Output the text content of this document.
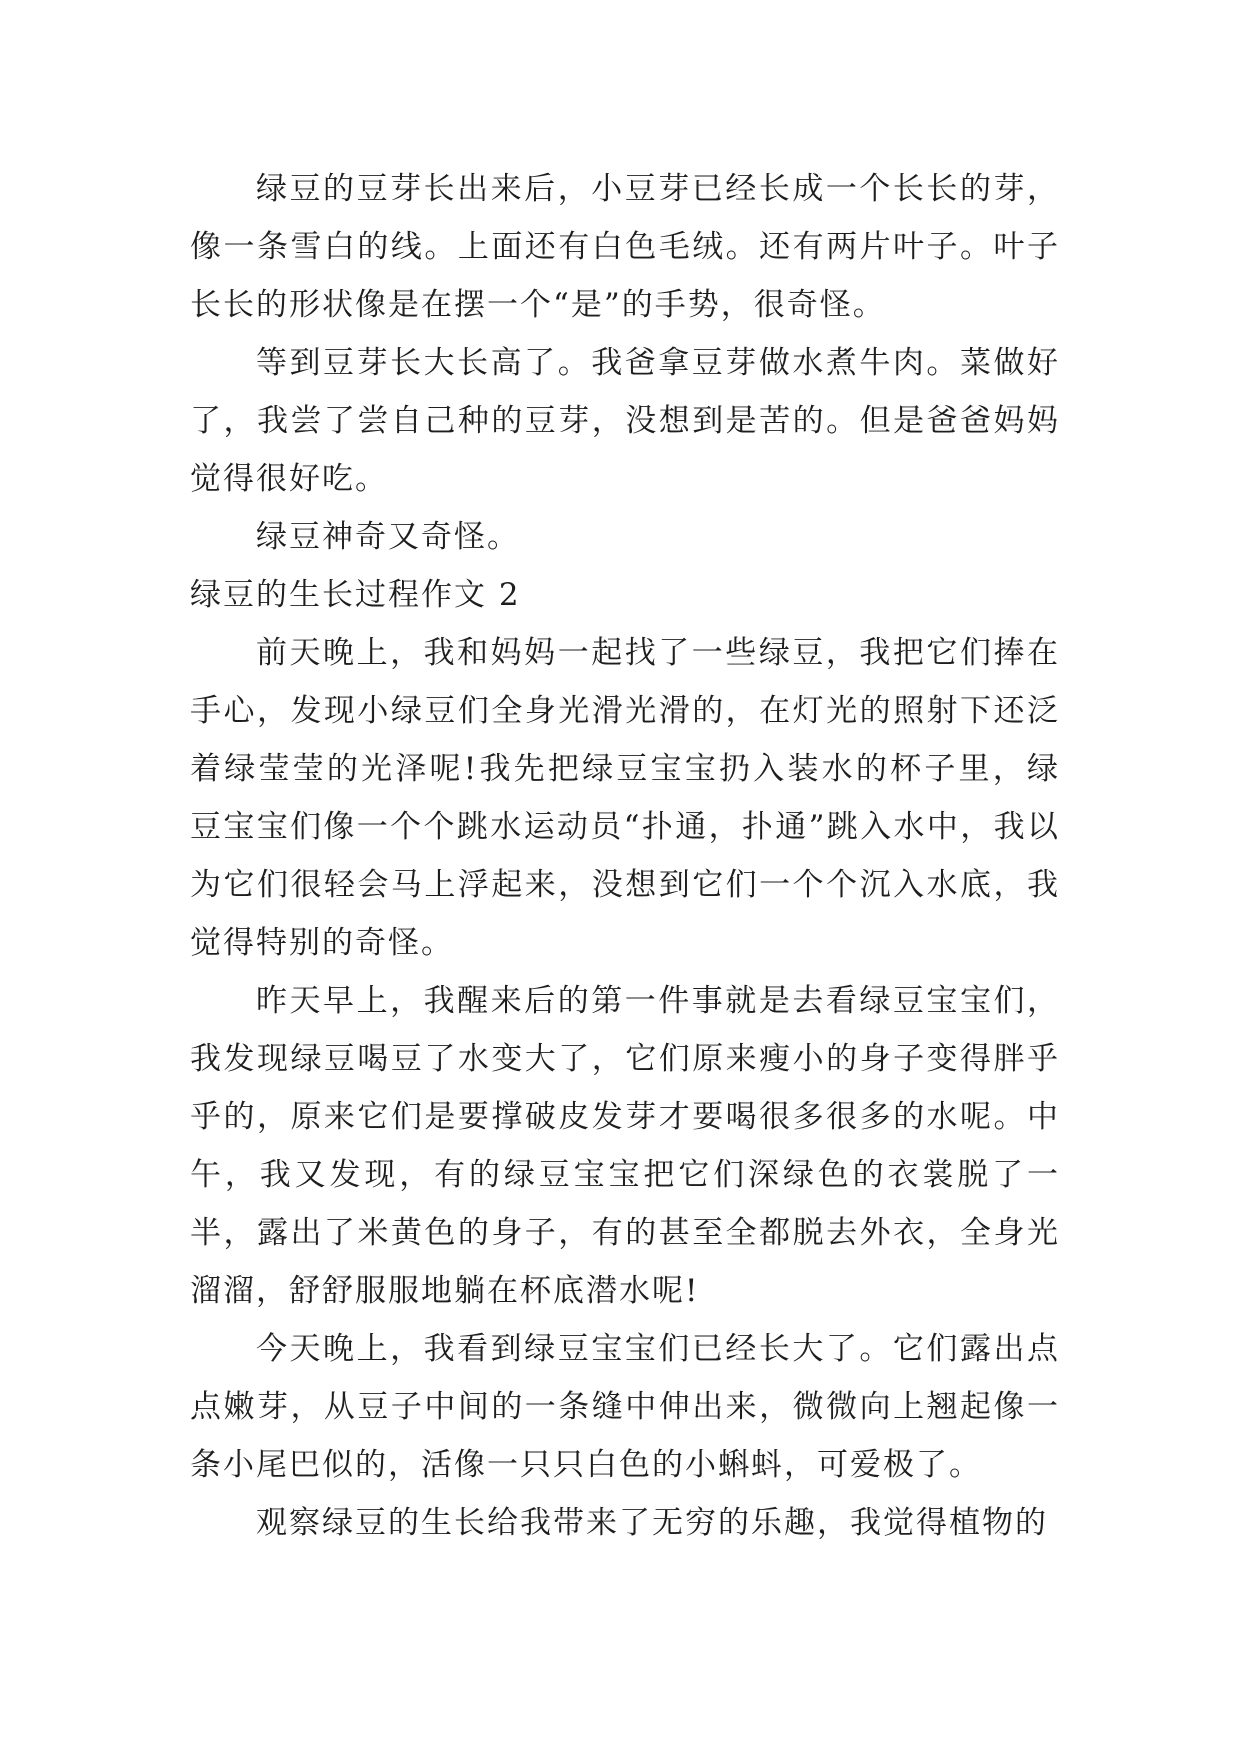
绿豆的豆芽长出来后，小豆芽已经长成一个长长的芽，像一条雪白的线。上面还有白色毛绒。还有两片叶子。叶子长长的形状像是在摆一个“是”的手势，很奇怪。

等到豆芽长大长高了。我爸拿豆芽做水煮牛肉。菜做好了，我尝了尝自己种的豆芽，没想到是苦的。但是爸爸妈妈觉得很好吃。

绿豆神奇又奇怪。

绿豆的生长过程作文 2

前天晚上，我和妈妈一起找了一些绿豆，我把它们捧在手心，发现小绿豆们全身光滑光滑的，在灯光的照射下还泛着绿莹莹的光泽呢!我先把绿豆宝宝扔入装水的杯子里，绿豆宝宝们像一个个跳水运动员“扑通，扑通”跳入水中，我以为它们很轻会马上浮起来，没想到它们一个个沉入水底，我觉得特别的奇怪。

昨天早上，我醒来后的第一件事就是去看绿豆宝宝们，我发现绿豆喝豆了水变大了，它们原来瘦小的身子变得胖乎乎的，原来它们是要撑破皮发芽才要喝很多很多的水呢。中午，我又发现，有的绿豆宝宝把它们深绿色的衣裳脱了一半，露出了米黄色的身子，有的甚至全都脱去外衣，全身光溜溜，舒舒服服地躺在杯底潜水呢!

今天晚上，我看到绿豆宝宝们已经长大了。它们露出点点嫩芽，从豆子中间的一条缝中伸出来，微微向上翘起像一条小尾巴似的，活像一只只白色的小蝌蚪，可爱极了。

观察绿豆的生长给我带来了无穷的乐趣，我觉得植物的
